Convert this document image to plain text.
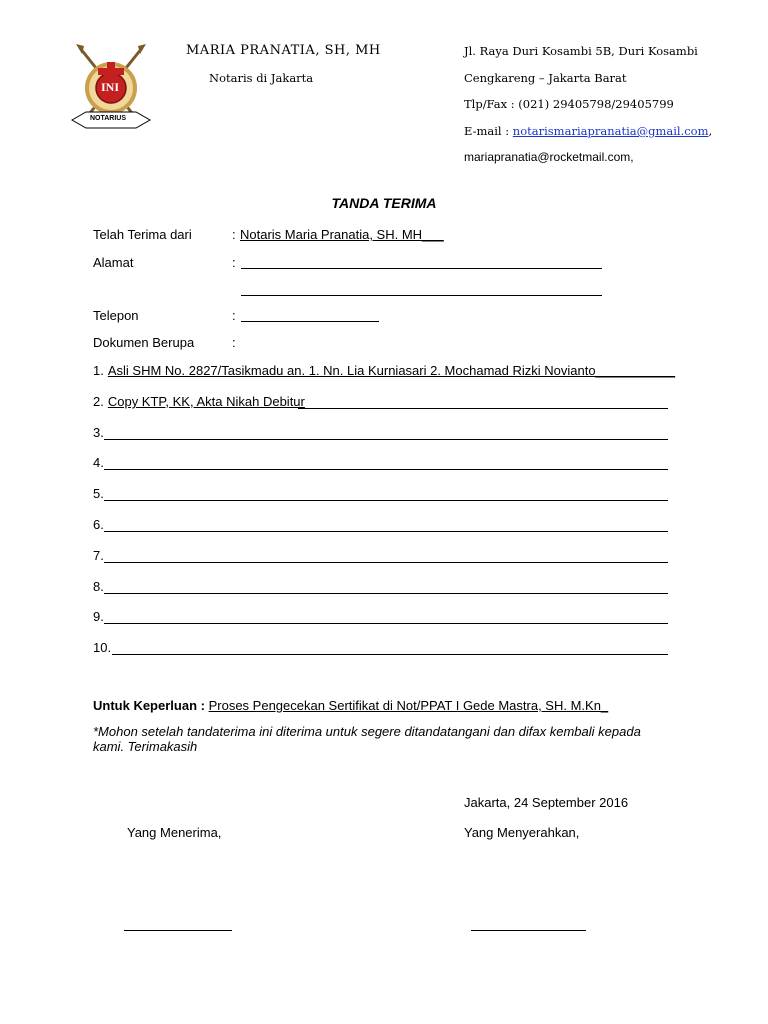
INI
NOTARIUS
MARIA PRANATIA, SH, MH
Notaris di Jakarta
Jl. Raya Duri Kosambi 5B, Duri Kosambi
Cengkareng – Jakarta Barat
Tlp/Fax : (021) 29405798/29405799
E-mail : notarismariapranatia@gmail.com,
mariapranatia@rocketmail.com,
TANDA TERIMA
Telah Terima dari	: Notaris Maria Pranatia, SH. MH___
Alamat	:
Telepon	:
Dokumen Berupa	:
1. Asli SHM No. 2827/Tasikmadu an. 1. Nn. Lia Kurniasari 2. Mochamad Rizki Novianto___________
2. Copy KTP, KK, Akta Nikah Debitur
3.
4.
5.
6.
7.
8.
9.
10.
Untuk Keperluan : Proses Pengecekan Sertifikat di Not/PPAT I Gede Mastra, SH. M.Kn_
*Mohon setelah tandaterima ini diterima untuk segere ditandatangani dan difax kembali kepada kami. Terimakasih
Jakarta, 24 September 2016
Yang Menerima,	Yang Menyerahkan,
